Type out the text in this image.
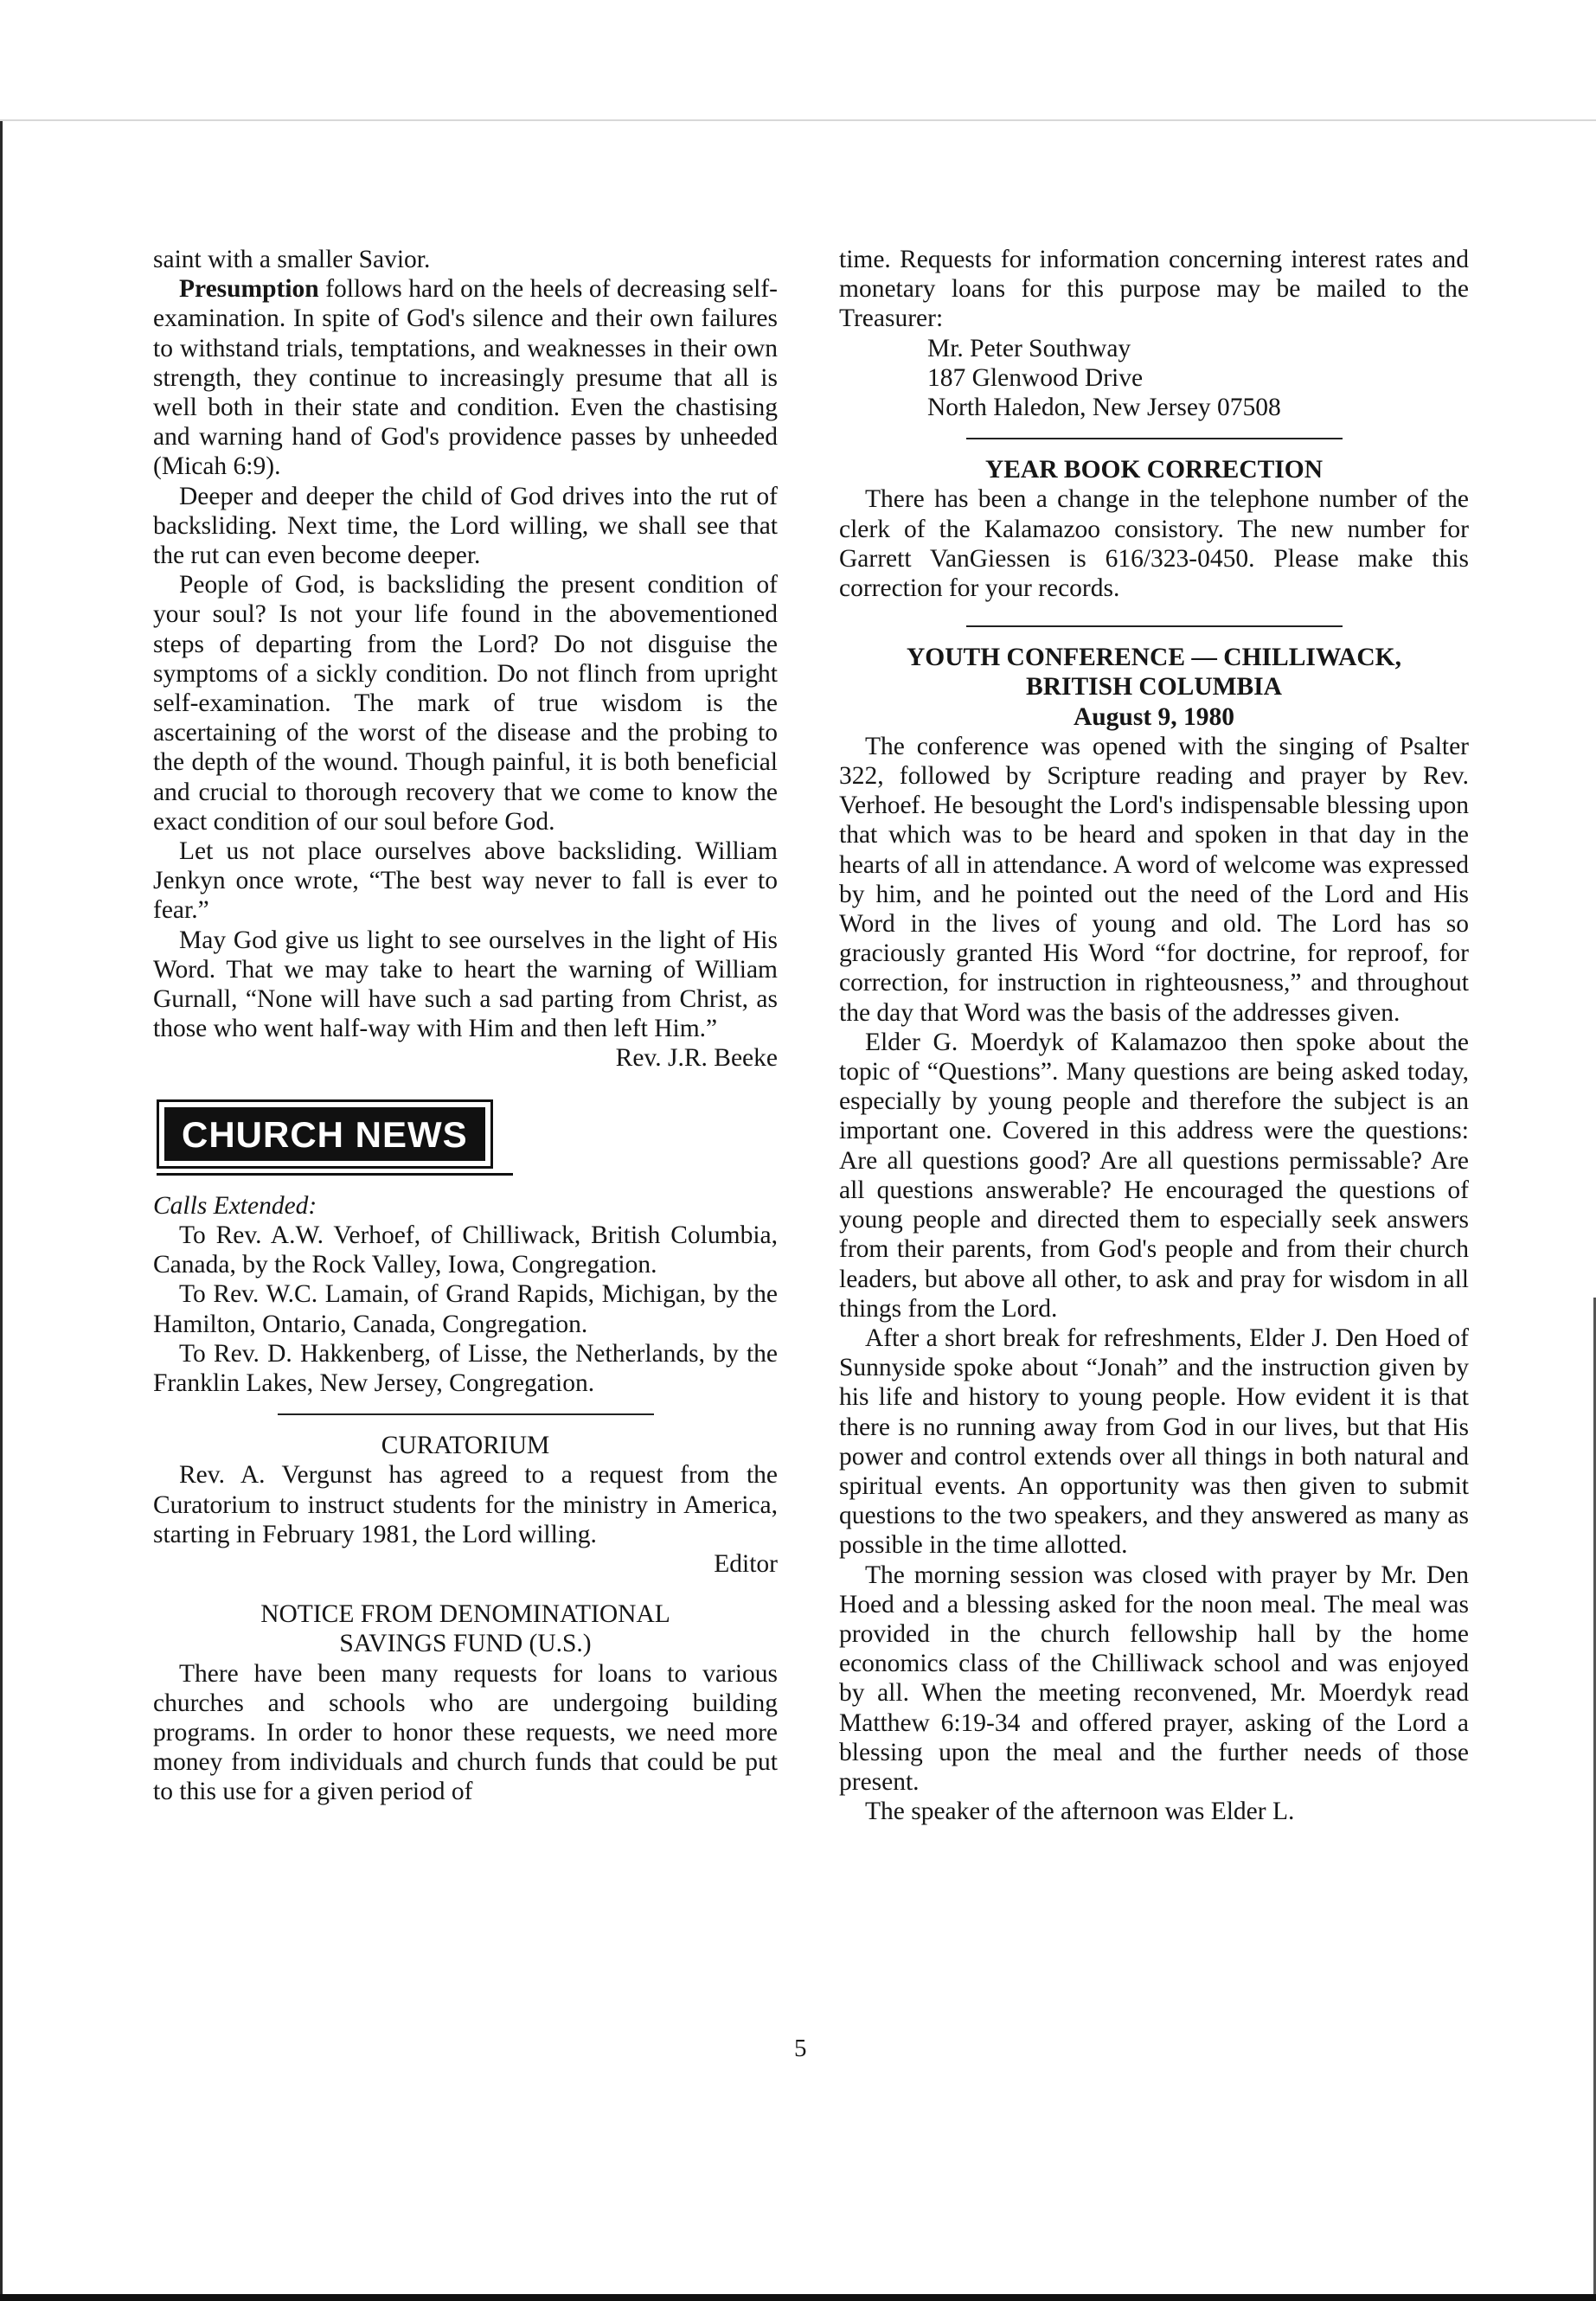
saint with a smaller Savior.

Presumption follows hard on the heels of decreasing self-examination. In spite of God's silence and their own failures to withstand trials, temptations, and weaknesses in their own strength, they continue to increasingly presume that all is well both in their state and condition. Even the chastising and warning hand of God's providence passes by unheeded (Micah 6:9).

Deeper and deeper the child of God drives into the rut of backsliding. Next time, the Lord willing, we shall see that the rut can even become deeper.

People of God, is backsliding the present condition of your soul? Is not your life found in the abovementioned steps of departing from the Lord? Do not disguise the symptoms of a sickly condition. Do not flinch from upright self-examination. The mark of true wisdom is the ascertaining of the worst of the disease and the probing to the depth of the wound. Though painful, it is both beneficial and crucial to thorough recovery that we come to know the exact condition of our soul before God.

Let us not place ourselves above backsliding. William Jenkyn once wrote, “The best way never to fall is ever to fear.”

May God give us light to see ourselves in the light of His Word. That we may take to heart the warning of William Gurnall, “None will have such a sad parting from Christ, as those who went half-way with Him and then left Him.”

Rev. J.R. Beeke

CHURCH NEWS

Calls Extended:

To Rev. A.W. Verhoef, of Chilliwack, British Columbia, Canada, by the Rock Valley, Iowa, Congregation.

To Rev. W.C. Lamain, of Grand Rapids, Michigan, by the Hamilton, Ontario, Canada, Congregation.

To Rev. D. Hakkenberg, of Lisse, the Netherlands, by the Franklin Lakes, New Jersey, Congregation.

CURATORIUM

Rev. A. Vergunst has agreed to a request from the Curatorium to instruct students for the ministry in America, starting in February 1981, the Lord willing.

Editor

NOTICE FROM DENOMINATIONAL SAVINGS FUND (U.S.)

There have been many requests for loans to various churches and schools who are undergoing building programs. In order to honor these requests, we need more money from individuals and church funds that could be put to this use for a given period of

time. Requests for information concerning interest rates and monetary loans for this purpose may be mailed to the Treasurer:

Mr. Peter Southway

187 Glenwood Drive

North Haledon, New Jersey 07508

YEAR BOOK CORRECTION

There has been a change in the telephone number of the clerk of the Kalamazoo consistory. The new number for Garrett VanGiessen is 616/323-0450. Please make this correction for your records.

YOUTH CONFERENCE — CHILLIWACK,

BRITISH COLUMBIA

August 9, 1980

The conference was opened with the singing of Psalter 322, followed by Scripture reading and prayer by Rev. Verhoef. He besought the Lord's indispensable blessing upon that which was to be heard and spoken in that day in the hearts of all in attendance. A word of welcome was expressed by him, and he pointed out the need of the Lord and His Word in the lives of young and old. The Lord has so graciously granted His Word “for doctrine, for reproof, for correction, for instruction in righteousness,” and throughout the day that Word was the basis of the addresses given.

Elder G. Moerdyk of Kalamazoo then spoke about the topic of “Questions”. Many questions are being asked today, especially by young people and therefore the subject is an important one. Covered in this address were the questions: Are all questions good? Are all questions permissable? Are all questions answerable? He encouraged the questions of young people and directed them to especially seek answers from their parents, from God's people and from their church leaders, but above all other, to ask and pray for wisdom in all things from the Lord.

After a short break for refreshments, Elder J. Den Hoed of Sunnyside spoke about “Jonah” and the instruction given by his life and history to young people. How evident it is that there is no running away from God in our lives, but that His power and control extends over all things in both natural and spiritual events. An opportunity was then given to submit questions to the two speakers, and they answered as many as possible in the time allotted.

The morning session was closed with prayer by Mr. Den Hoed and a blessing asked for the noon meal. The meal was provided in the church fellowship hall by the home economics class of the Chilliwack school and was enjoyed by all. When the meeting reconvened, Mr. Moerdyk read Matthew 6:19-34 and offered prayer, asking of the Lord a blessing upon the meal and the further needs of those present.

The speaker of the afternoon was Elder L.

5
